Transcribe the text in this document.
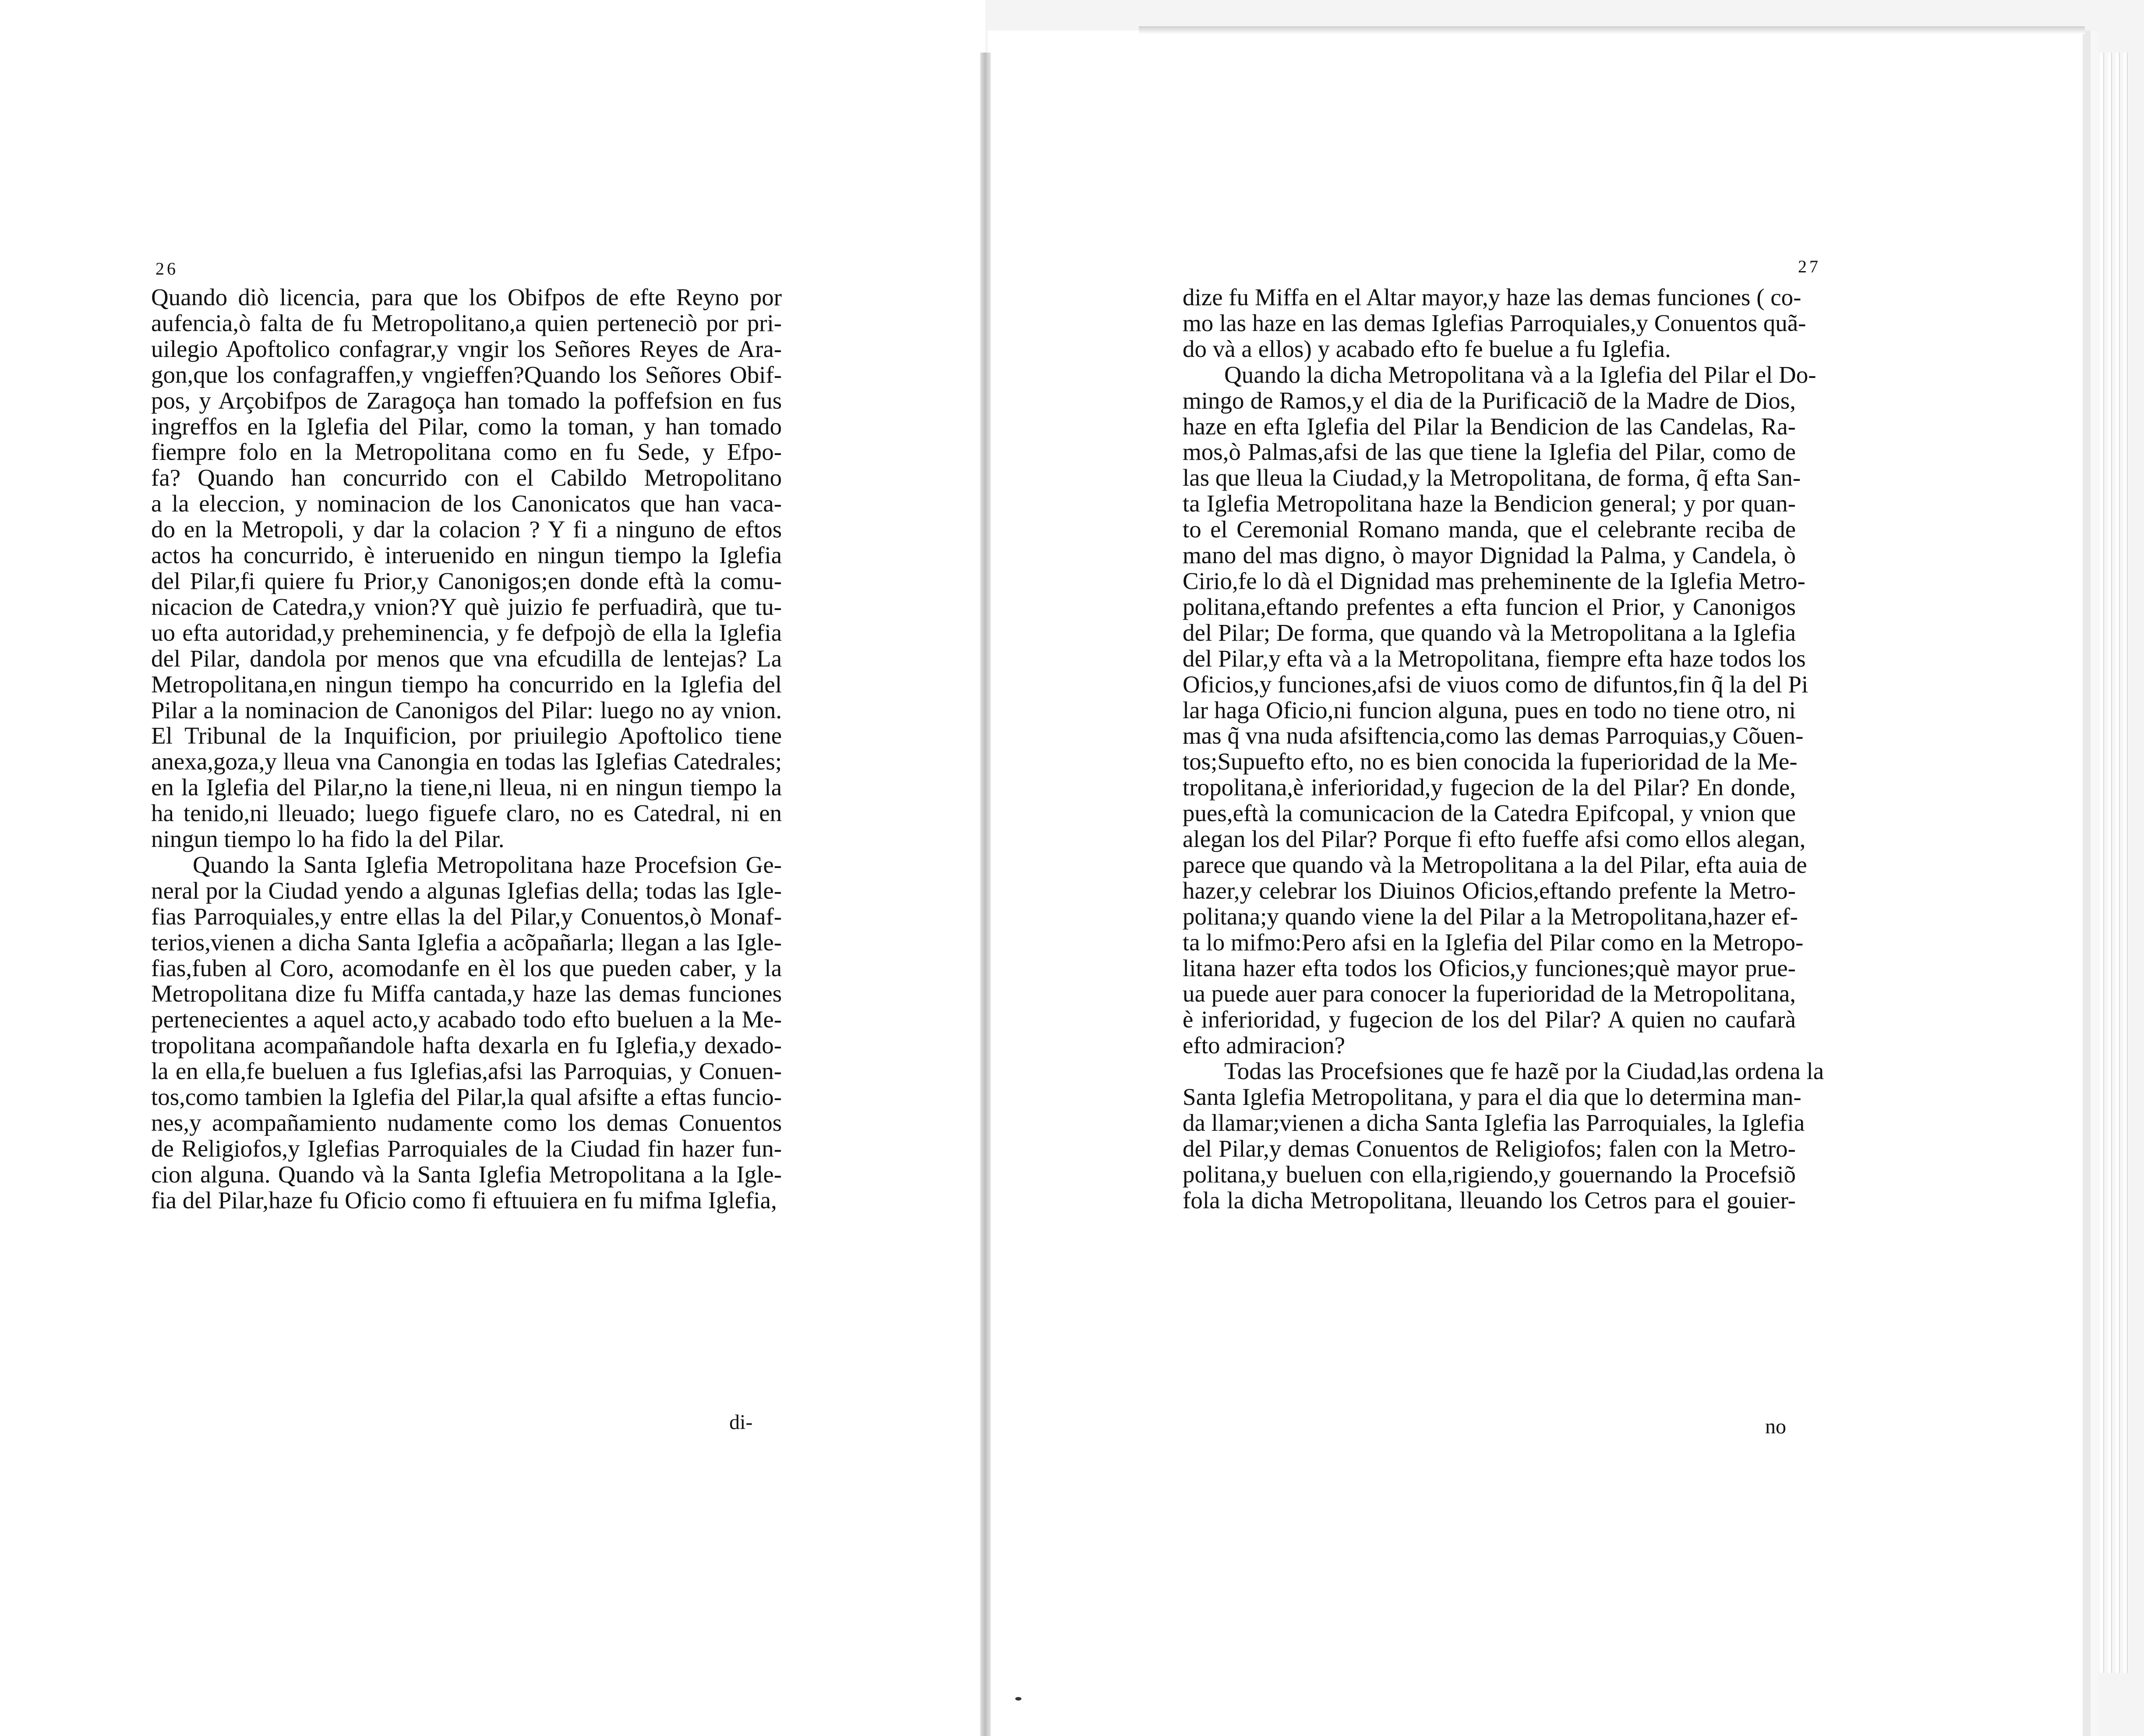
26
Quando diò licencia, para que los Obifpos de efte Reyno por
aufencia,ò falta de fu Metropolitano,a quien perteneciò por pri-
uilegio Apoftolico confagrar,y vngir los Señores Reyes de Ara-
gon,que los confagraffen,y vngieffen?Quando los Señores Obif-
pos, y Arçobifpos de Zaragoça han tomado la poffefsion en fus
ingreffos en la Iglefia del Pilar, como la toman, y han tomado
fiempre folo en la Metropolitana como en fu Sede, y Efpo-
fa? Quando han concurrido con el Cabildo Metropolitano
a la eleccion, y nominacion de los Canonicatos que han vaca-
do en la Metropoli, y dar la colacion ? Y fi a ninguno de eftos
actos ha concurrido, è interuenido en ningun tiempo la Iglefia
del Pilar,fi quiere fu Prior,y Canonigos;en donde eftà la comu-
nicacion de Catedra,y vnion?Y què juizio fe perfuadirà, que tu-
uo efta autoridad,y preheminencia, y fe defpojò de ella la Iglefia
del Pilar, dandola por menos que vna efcudilla de lentejas? La
Metropolitana,en ningun tiempo ha concurrido en la Iglefia del
Pilar a la nominacion de Canonigos del Pilar: luego no ay vnion.
El Tribunal de la Inquificion, por priuilegio Apoftolico tiene
anexa,goza,y lleua vna Canongia en todas las Iglefias Catedrales;
en la Iglefia del Pilar,no la tiene,ni lleua, ni en ningun tiempo la
ha tenido,ni lleuado; luego figuefe claro, no es Catedral, ni en
ningun tiempo lo ha fido la del Pilar.
Quando la Santa Iglefia Metropolitana haze Procefsion Ge-
neral por la Ciudad yendo a algunas Iglefias della; todas las Igle-
fias Parroquiales,y entre ellas la del Pilar,y Conuentos,ò Monaf-
terios,vienen a dicha Santa Iglefia a acõpañarla; llegan a las Igle-
fias,fuben al Coro, acomodanfe en èl los que pueden caber, y la
Metropolitana dize fu Miffa cantada,y haze las demas funciones
pertenecientes a aquel acto,y acabado todo efto bueluen a la Me-
tropolitana acompañandole hafta dexarla en fu Iglefia,y dexado-
la en ella,fe bueluen a fus Iglefias,afsi las Parroquias, y Conuen-
tos,como tambien la Iglefia del Pilar,la qual afsifte a eftas funcio-
nes,y acompañamiento nudamente como los demas Conuentos
de Religiofos,y Iglefias Parroquiales de la Ciudad fin hazer fun-
cion alguna. Quando và la Santa Iglefia Metropolitana a la Igle-
fia del Pilar,haze fu Oficio como fi eftuuiera en fu mifma Iglefia,
di-
27
dize fu Miffa en el Altar mayor,y haze las demas funciones ( co-
mo las haze en las demas Iglefias Parroquiales,y Conuentos quã-
do và a ellos) y acabado efto fe buelue a fu Iglefia.
Quando la dicha Metropolitana và a la Iglefia del Pilar el Do-
mingo de Ramos,y el dia de la Purificaciõ de la Madre de Dios,
haze en efta Iglefia del Pilar la Bendicion de las Candelas, Ra-
mos,ò Palmas,afsi de las que tiene la Iglefia del Pilar, como de
las que lleua la Ciudad,y la Metropolitana, de forma, q̃ efta San-
ta Iglefia Metropolitana haze la Bendicion general; y por quan-
to el Ceremonial Romano manda, que el celebrante reciba de
mano del mas digno, ò mayor Dignidad la Palma, y Candela, ò
Cirio,fe lo dà el Dignidad mas preheminente de la Iglefia Metro-
politana,eftando prefentes a efta funcion el Prior, y Canonigos
del Pilar; De forma, que quando và la Metropolitana a la Iglefia
del Pilar,y efta và a la Metropolitana, fiempre efta haze todos los
Oficios,y funciones,afsi de viuos como de difuntos,fin q̃ la del Pi
lar haga Oficio,ni funcion alguna, pues en todo no tiene otro, ni
mas q̃ vna nuda afsiftencia,como las demas Parroquias,y Cõuen-
tos;Supuefto efto, no es bien conocida la fuperioridad de la Me-
tropolitana,è inferioridad,y fugecion de la del Pilar? En donde,
pues,eftà la comunicacion de la Catedra Epifcopal, y vnion que
alegan los del Pilar? Porque fi efto fueffe afsi como ellos alegan,
parece que quando và la Metropolitana a la del Pilar, efta auia de
hazer,y celebrar los Diuinos Oficios,eftando prefente la Metro-
politana;y quando viene la del Pilar a la Metropolitana,hazer ef-
ta lo mifmo:Pero afsi en la Iglefia del Pilar como en la Metropo-
litana hazer efta todos los Oficios,y funciones;què mayor prue-
ua puede auer para conocer la fuperioridad de la Metropolitana,
è inferioridad, y fugecion de los del Pilar? A quien no caufarà
efto admiracion?
Todas las Procefsiones que fe hazẽ por la Ciudad,las ordena la
Santa Iglefia Metropolitana, y para el dia que lo determina man-
da llamar;vienen a dicha Santa Iglefia las Parroquiales, la Iglefia
del Pilar,y demas Conuentos de Religiofos; falen con la Metro-
politana,y bueluen con ella,rigiendo,y gouernando la Procefsiõ
fola la dicha Metropolitana, lleuando los Cetros para el gouier-
no
